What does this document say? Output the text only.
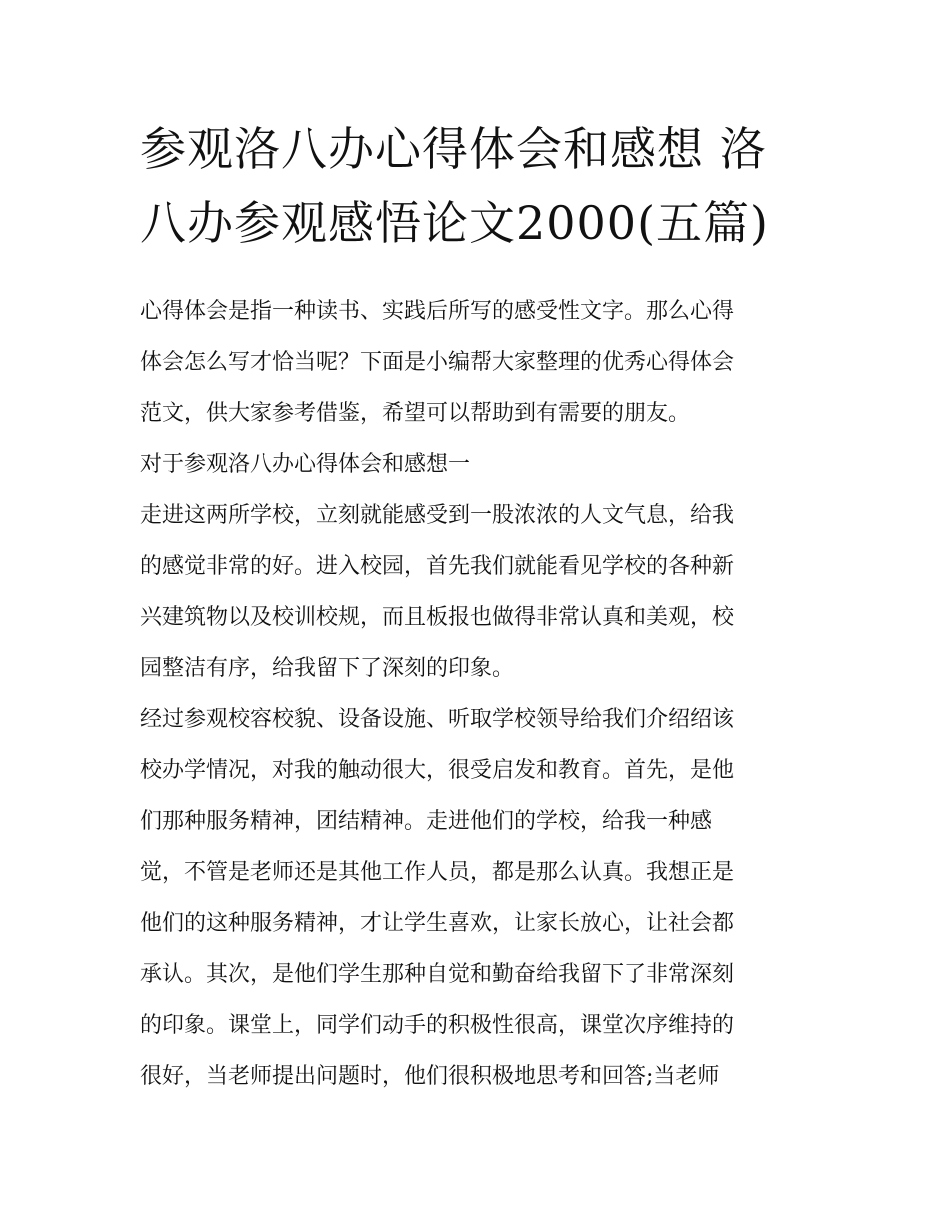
参观洛八办心得体会和感想 洛
八办参观感悟论文2000(五篇)

心得体会是指一种读书、实践后所写的感受性文字。那么心得
体会怎么写才恰当呢？下面是小编帮大家整理的优秀心得体会
范文，供大家参考借鉴，希望可以帮助到有需要的朋友。

对于参观洛八办心得体会和感想一

走进这两所学校，立刻就能感受到一股浓浓的人文气息，给我
的感觉非常的好。进入校园，首先我们就能看见学校的各种新
兴建筑物以及校训校规，而且板报也做得非常认真和美观，校
园整洁有序，给我留下了深刻的印象。

经过参观校容校貌、设备设施、听取学校领导给我们介绍绍该
校办学情况，对我的触动很大，很受启发和教育。首先，是他
们那种服务精神，团结精神。走进他们的学校，给我一种感
觉，不管是老师还是其他工作人员，都是那么认真。我想正是
他们的这种服务精神，才让学生喜欢，让家长放心，让社会都
承认。其次，是他们学生那种自觉和勤奋给我留下了非常深刻
的印象。课堂上，同学们动手的积极性很高，课堂次序维持的
很好，当老师提出问题时，他们很积极地思考和回答;当老师
